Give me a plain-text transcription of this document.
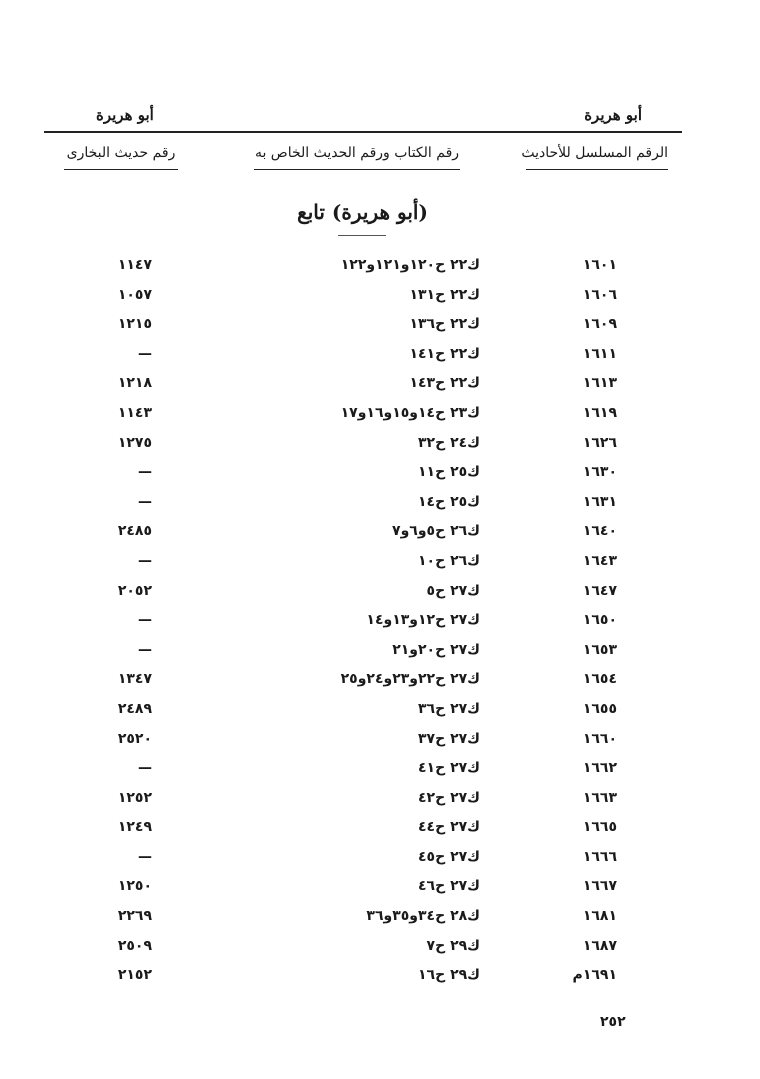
أبو هريرة
أبو هريرة
الرقم المسلسل للأحاديث
رقم الكتاب ورقم الحديث الخاص به
رقم حديث البخارى
(أبو هريرة) تابع
١٦٠١
ك٢٢ ح١٢٠و١٢١و١٢٢
١١٤٧
١٦٠٦
ك٢٢ ح١٣١
١٠٥٧
١٦٠٩
ك٢٢ ح١٣٦
١٢١٥
١٦١١
ك٢٢ ح١٤١
—
١٦١٣
ك٢٢ ح١٤٣
١٢١٨
١٦١٩
ك٢٣ ح١٤و١٥و١٦و١٧
١١٤٣
١٦٢٦
ك٢٤ ح٣٢
١٢٧٥
١٦٣٠
ك٢٥ ح١١
—
١٦٣١
ك٢٥ ح١٤
—
١٦٤٠
ك٢٦ ح٥و٦و٧
٢٤٨٥
١٦٤٣
ك٢٦ ح١٠
—
١٦٤٧
ك٢٧ ح٥
٢٠٥٢
١٦٥٠
ك٢٧ ح١٢و١٣و١٤
—
١٦٥٣
ك٢٧ ح٢٠و٢١
—
١٦٥٤
ك٢٧ ح٢٢و٢٣و٢٤و٢٥
١٣٤٧
١٦٥٥
ك٢٧ ح٣٦
٢٤٨٩
١٦٦٠
ك٢٧ ح٣٧
٢٥٢٠
١٦٦٢
ك٢٧ ح٤١
—
١٦٦٣
ك٢٧ ح٤٢
١٢٥٢
١٦٦٥
ك٢٧ ح٤٤
١٢٤٩
١٦٦٦
ك٢٧ ح٤٥
—
١٦٦٧
ك٢٧ ح٤٦
١٢٥٠
١٦٨١
ك٢٨ ح٣٤و٣٥و٣٦
٢٢٦٩
١٦٨٧
ك٢٩ ح٧
٢٥٠٩
١٦٩١م
ك٢٩ ح١٦
٢١٥٢
٢٥٢
